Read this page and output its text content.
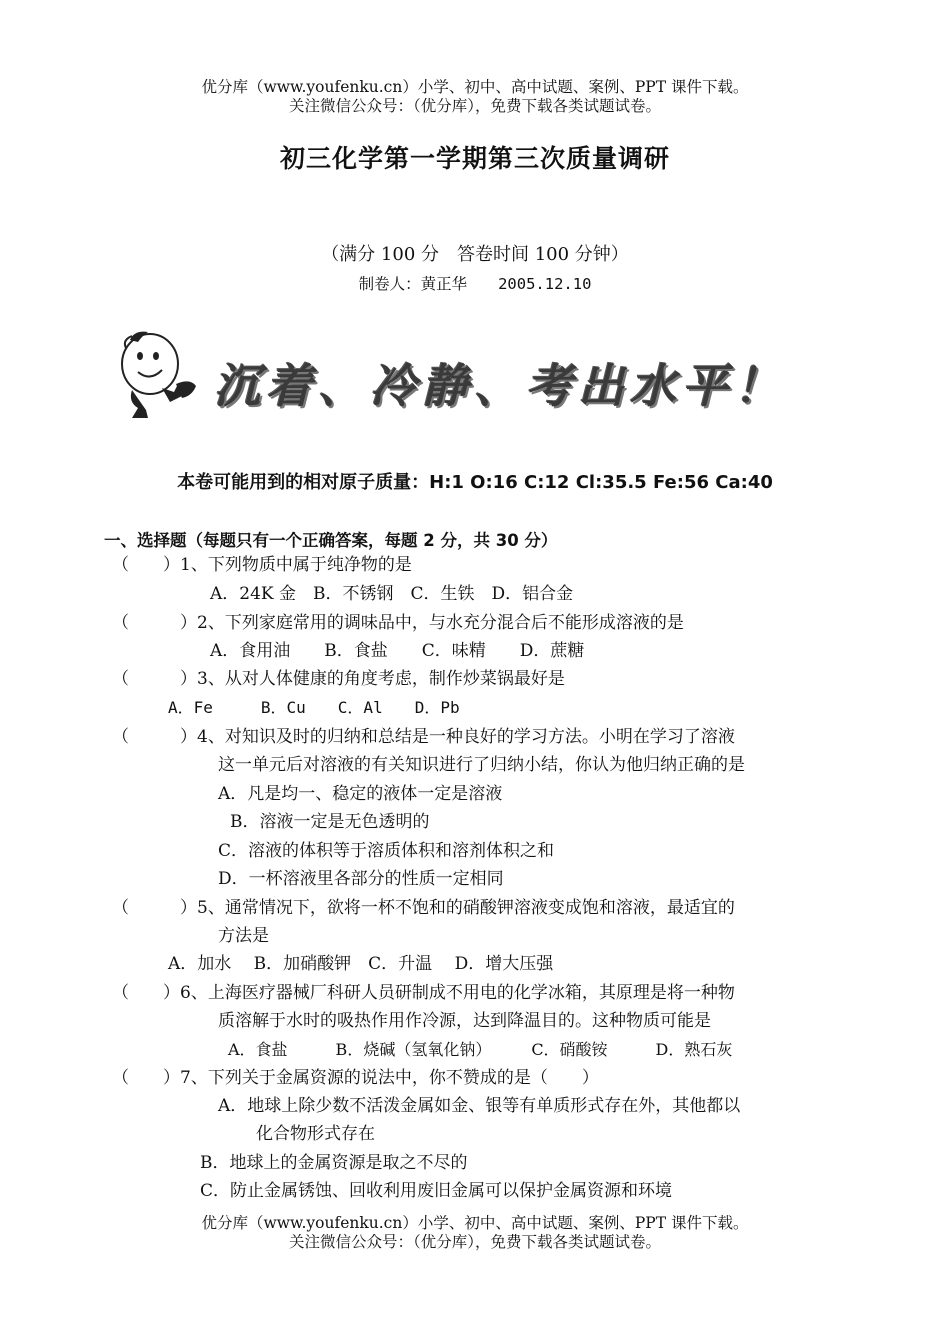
优分库（www.youfenku.cn）小学、初中、高中试题、案例、PPT 课件下载。
关注微信公众号：（优分库），免费下载各类试题试卷。
初三化学第一学期第三次质量调研
（满分 100 分　答卷时间 100 分钟）
制卷人：黄正华　　2005.12.10
沉着、冷静、考出水平！
本卷可能用到的相对原子质量：H:1 O:16 C:12 Cl:35.5 Fe:56 Ca:40
一、选择题（每题只有一个正确答案，每题 2 分，共 30 分）
（　　）1、下列物质中属于纯净物的是
A．24K 金　B．不锈钢　C．生铁　D．铝合金
（　　　）2、下列家庭常用的调味品中，与水充分混合后不能形成溶液的是
A．食用油　　B．食盐　　C．味精　　D．蔗糖
（　　　）3、从对人体健康的角度考虑，制作炒菜锅最好是
A．Fe　　　B．Cu　　C．Al　　D．Pb
（　　　）4、对知识及时的归纳和总结是一种良好的学习方法。小明在学习了溶液
这一单元后对溶液的有关知识进行了归纳小结，你认为他归纳正确的是
A．凡是均一、稳定的液体一定是溶液
B．溶液一定是无色透明的
C．溶液的体积等于溶质体积和溶剂体积之和
D．一杯溶液里各部分的性质一定相同
（　　　）5、通常情况下，欲将一杯不饱和的硝酸钾溶液变成饱和溶液，最适宜的
方法是
A．加水　 B．加硝酸钾　C．升温　 D．增大压强
（　　）6、上海医疗器械厂科研人员研制成不用电的化学冰箱，其原理是将一种物
质溶解于水时的吸热作用作冷源，达到降温目的。这种物质可能是
A．食盐　　　B．烧碱（氢氧化钠）　　　C．硝酸铵　　　D．熟石灰
（　　）7、下列关于金属资源的说法中，你不赞成的是（　　）
A．地球上除少数不活泼金属如金、银等有单质形式存在外，其他都以
化合物形式存在
B．地球上的金属资源是取之不尽的
C．防止金属锈蚀、回收利用废旧金属可以保护金属资源和环境
优分库（www.youfenku.cn）小学、初中、高中试题、案例、PPT 课件下载。
关注微信公众号：（优分库），免费下载各类试题试卷。
